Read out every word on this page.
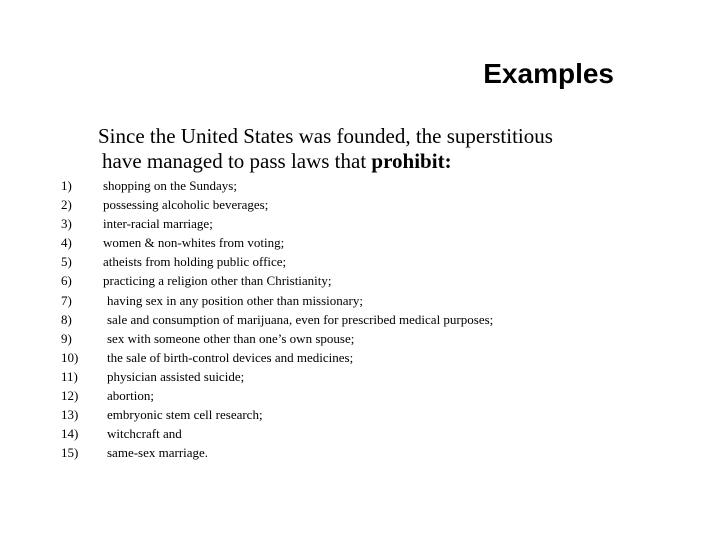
Examples
Since the United States was founded, the superstitious
have managed to pass laws that prohibit:
1) shopping on the Sundays;
2) possessing alcoholic beverages;
3) inter-racial marriage;
4) women & non-whites from voting;
5) atheists from holding public office;
6) practicing a religion other than Christianity;
7)	having sex in any position other than missionary;
8)	sale and consumption of marijuana, even for prescribed medical purposes;
9)	sex with someone other than one’s own spouse;
10) the sale of birth-control devices and medicines;
11) physician assisted suicide;
12) abortion;
13) embryonic stem cell research;
14) witchcraft and
15) same-sex marriage.
